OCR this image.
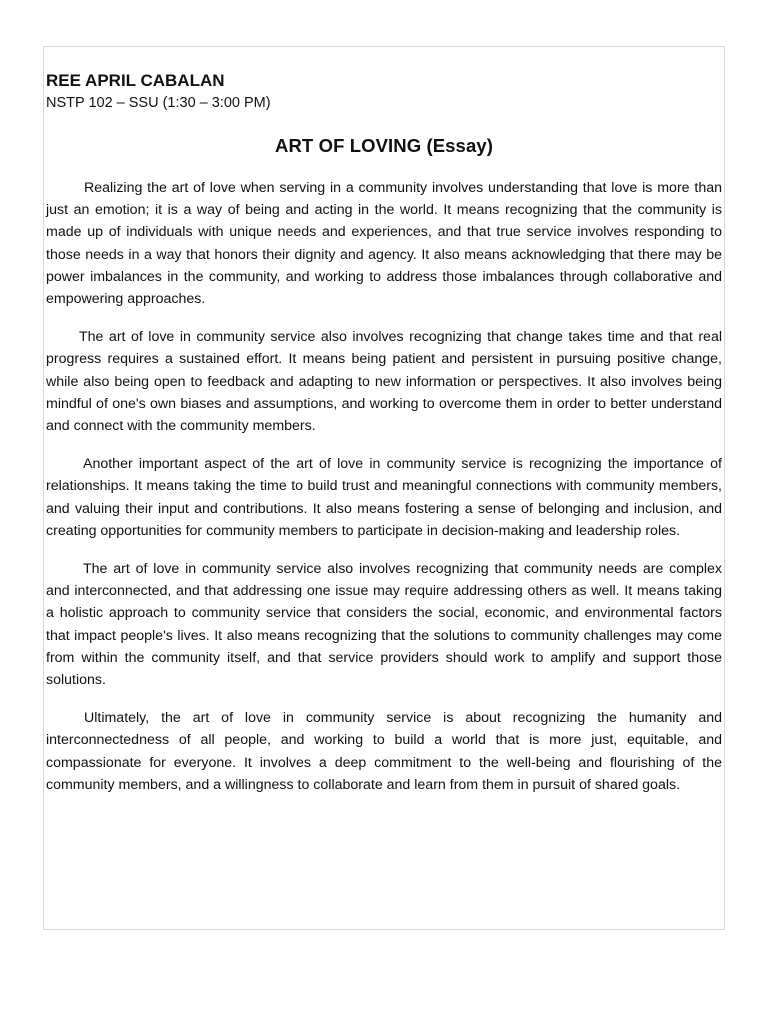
REE APRIL CABALAN

NSTP 102 – SSU (1:30 – 3:00 PM)

ART OF LOVING (Essay)

Realizing the art of love when serving in a community involves understanding that love is more than just an emotion; it is a way of being and acting in the world. It means recognizing that the community is made up of individuals with unique needs and experiences, and that true service involves responding to those needs in a way that honors their dignity and agency. It also means acknowledging that there may be power imbalances in the community, and working to address those imbalances through collaborative and empowering approaches.

The art of love in community service also involves recognizing that change takes time and that real progress requires a sustained effort. It means being patient and persistent in pursuing positive change, while also being open to feedback and adapting to new information or perspectives. It also involves being mindful of one's own biases and assumptions, and working to overcome them in order to better understand and connect with the community members.

Another important aspect of the art of love in community service is recognizing the importance of relationships. It means taking the time to build trust and meaningful connections with community members, and valuing their input and contributions. It also means fostering a sense of belonging and inclusion, and creating opportunities for community members to participate in decision-making and leadership roles.

The art of love in community service also involves recognizing that community needs are complex and interconnected, and that addressing one issue may require addressing others as well. It means taking a holistic approach to community service that considers the social, economic, and environmental factors that impact people's lives. It also means recognizing that the solutions to community challenges may come from within the community itself, and that service providers should work to amplify and support those solutions.

Ultimately, the art of love in community service is about recognizing the humanity and interconnectedness of all people, and working to build a world that is more just, equitable, and compassionate for everyone. It involves a deep commitment to the well-being and flourishing of the community members, and a willingness to collaborate and learn from them in pursuit of shared goals.
